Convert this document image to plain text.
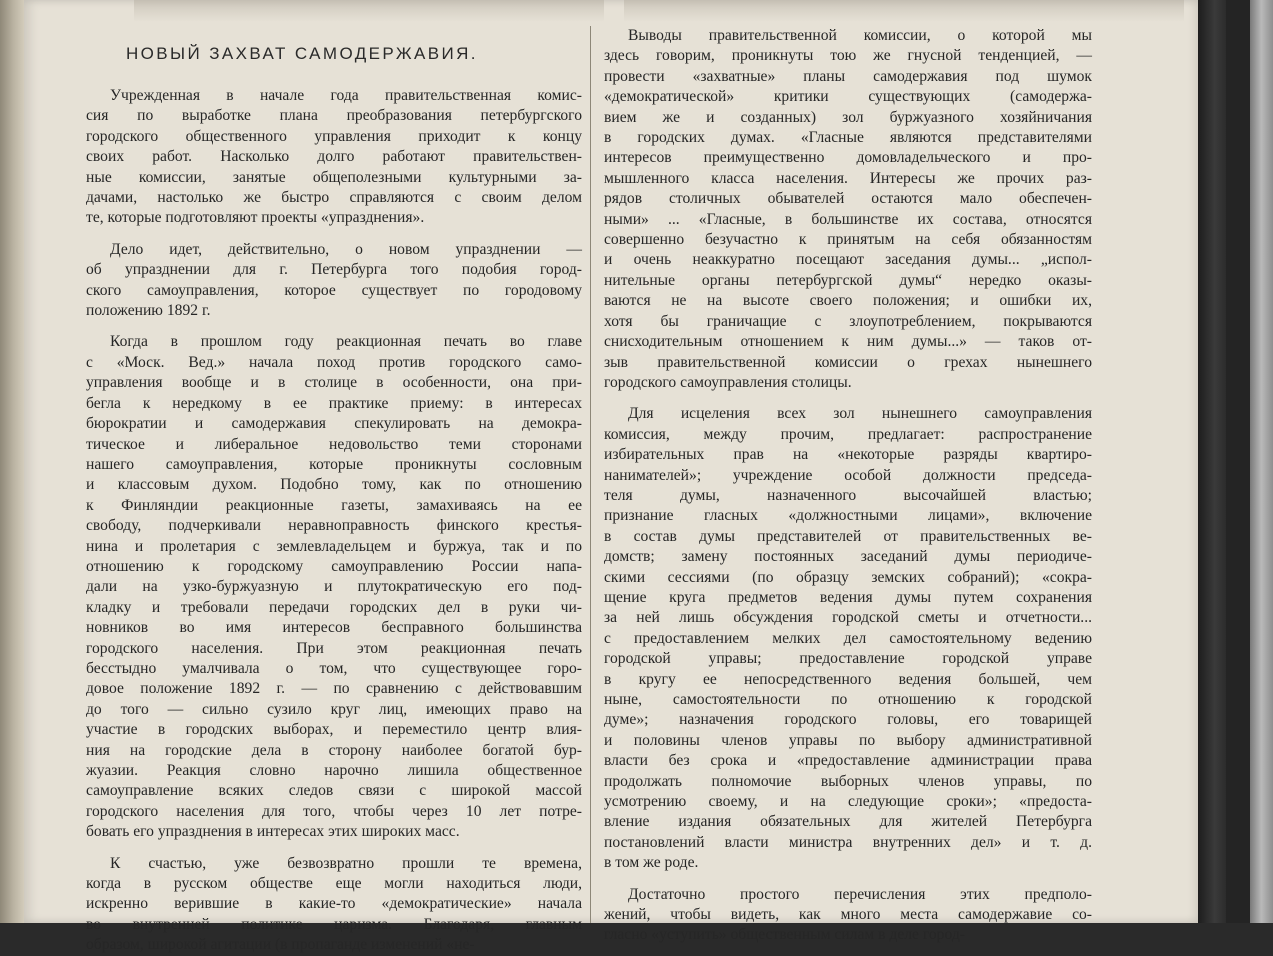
НОВЫЙ ЗАХВАТ САМОДЕРЖАВИЯ.
Учрежденная в начале года правительственная комис-
сия по выработке плана преобразования петербургского
городского общественного управления приходит к концу
своих работ. Насколько долго работают правительствен-
ные комиссии, занятые общеполезными культурными за-
дачами, настолько же быстро справляются с своим делом
те, которые подготовляют проекты «упразднения».
Дело идет, действительно, о новом упразднении —
об упразднении для г. Петербурга того подобия город-
ского самоуправления, которое существует по городовому
положению 1892 г.
Когда в прошлом году реакционная печать во главе
с «Моск. Вед.» начала поход против городского само-
управления вообще и в столице в особенности, она при-
бегла к нередкому в ее практике приему: в интересах
бюрократии и самодержавия спекулировать на демокра-
тическое и либеральное недовольство теми сторонами
нашего самоуправления, которые проникнуты сословным
и классовым духом. Подобно тому, как по отношению
к Финляндии реакционные газеты, замахиваясь на ее
свободу, подчеркивали неравноправность финского крестья-
нина и пролетария с землевладельцем и буржуа, так и по
отношению к городскому самоуправлению России напа-
дали на узко-буржуазную и плутократическую его под-
кладку и требовали передачи городских дел в руки чи-
новников во имя интересов бесправного большинства
городского населения. При этом реакционная печать
бесстыдно умалчивала о том, что существующее горо-
довое положение 1892 г. — по сравнению с действовавшим
до того — сильно сузило круг лиц, имеющих право на
участие в городских выборах, и переместило центр влия-
ния на городские дела в сторону наиболее богатой бур-
жуазии. Реакция словно нарочно лишила общественное
самоуправление всяких следов связи с широкой массой
городского населения для того, чтобы через 10 лет потре-
бовать его упразднения в интересах этих широких масс.
К счастью, уже безвозвратно прошли те времена,
когда в русском обществе еще могли находиться люди,
искренно верившие в какие-то «демократические» начала
во внутренней политике царизма. Благодаря, главным
образом, широкой агитации (в пропаганде изменений «не-
Выводы правительственной комиссии, о которой мы
здесь говорим, проникнуты тою же гнусной тенденцией, —
провести «захватные» планы самодержавия под шумок
«демократической» критики существующих (самодержа-
вием же и созданных) зол буржуазного хозяйничания
в городских думах. «Гласные являются представителями
интересов преимущественно домовладельческого и про-
мышленного класса населения. Интересы же прочих раз-
рядов столичных обывателей остаются мало обеспечен-
ными» ... «Гласные, в большинстве их состава, относятся
совершенно безучастно к принятым на себя обязанностям
и очень неаккуратно посещают заседания думы... „испол-
нительные органы петербургской думы“ нередко оказы-
ваются не на высоте своего положения; и ошибки их,
хотя бы граничащие с злоупотреблением, покрываются
снисходительным отношением к ним думы...» — таков от-
зыв правительственной комиссии о грехах нынешнего
городского самоуправления столицы.
Для исцеления всех зол нынешнего самоуправления
комиссия, между прочим, предлагает: распространение
избирательных прав на «некоторые разряды квартиро-
нанимателей»; учреждение особой должности председа-
теля думы, назначенного высочайшей властью;
признание гласных «должностными лицами», включение
в состав думы представителей от правительственных ве-
домств; замену постоянных заседаний думы периодиче-
скими сессиями (по образцу земских собраний); «сокра-
щение круга предметов ведения думы путем сохранения
за ней лишь обсуждения городской сметы и отчетности...
с предоставлением мелких дел самостоятельному ведению
городской управы; предоставление городской управе
в кругу ее непосредственного ведения большей, чем
ныне, самостоятельности по отношению к городской
думе»; назначения городского головы, его товарищей
и половины членов управы по выбору административной
власти без срока и «предоставление администрации права
продолжать полномочие выборных членов управы, по
усмотрению своему, и на следующие сроки»; «предоста-
вление издания обязательных для жителей Петербурга
постановлений власти министра внутренних дел» и т. д.
в том же роде.
Достаточно простого перечисления этих предполо-
жений, чтобы видеть, как много места самодержавие со-
гласно «уступить» общественным силам в деле город-
